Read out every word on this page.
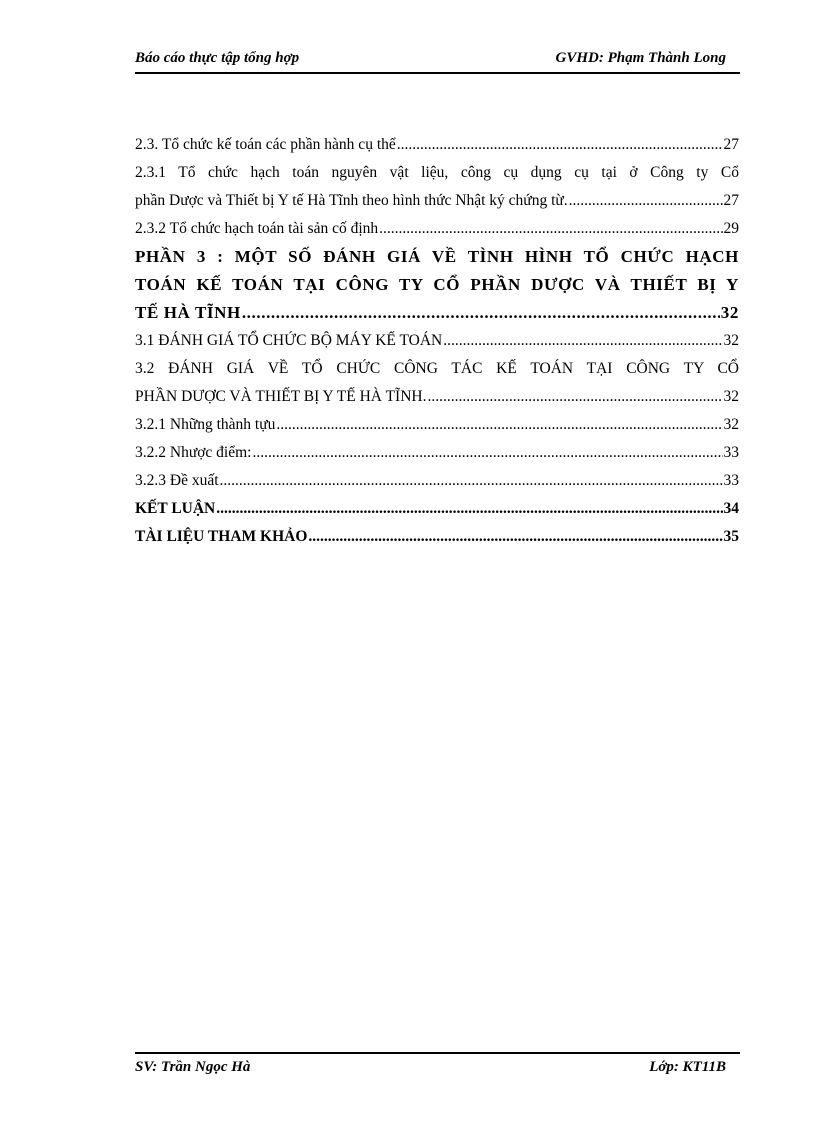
Báo cáo thực tập tổng hợp	GVHD: Phạm Thành Long
2.3. Tổ chức kế toán các phần hành cụ thể .....	27
2.3.1 Tổ chức hạch toán nguyên vật liệu, công cụ dụng cụ tại ở Công ty Cổ
phần Dược và Thiết bị Y tế Hà Tĩnh theo hình thức Nhật ký chứng từ. .....	27
2.3.2 Tổ chức hạch toán tài sản cố định .....	29
PHẦN 3 : MỘT SỐ ĐÁNH GIÁ VỀ TÌNH HÌNH TỔ CHỨC HẠCH
TOÁN KẾ TOÁN TẠI CÔNG TY CỔ PHẦN DƯỢC VÀ THIẾT BỊ Y
TẾ HÀ TĨNH .....	32
3.1 ĐÁNH GIÁ TỔ CHỨC BỘ MÁY KẾ TOÁN .....	32
3.2 ĐÁNH GIÁ VỀ TỔ CHỨC CÔNG TÁC KẾ TOÁN TẠI CÔNG TY CỔ
PHẦN DƯỢC VÀ THIẾT BỊ Y TẾ HÀ TĨNH. .....	32
3.2.1 Những thành tựu .....	32
3.2.2 Nhược điểm: .....	33
3.2.3 Đề xuất .....	33
KẾT LUẬN .....	34
TÀI LIỆU THAM KHẢO .....	35
SV: Trần Ngọc Hà	Lớp: KT11B
